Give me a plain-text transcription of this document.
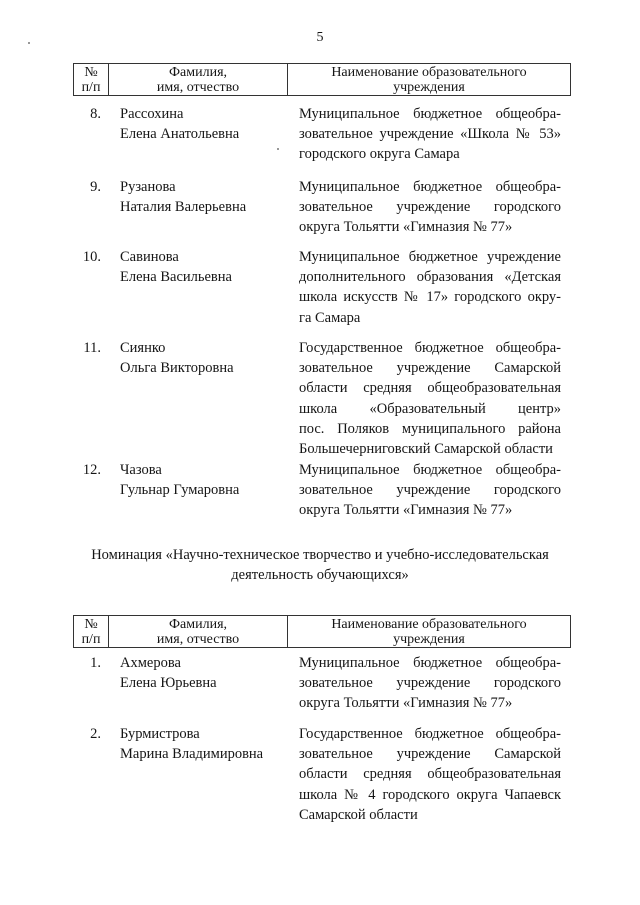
5
№
п/п
Фамилия,
имя, отчество
Наименование образовательного
учреждения
8. Рассохина
Елена Анатольевна
Муниципальное бюджетное общеобра-
зовательное учреждение «Школа № 53»
городского округа Самара
9. Рузанова
Наталия Валерьевна
Муниципальное бюджетное общеобра-
зовательное учреждение городского
округа Тольятти «Гимназия № 77»
10. Савинова
Елена Васильевна
Муниципальное бюджетное учреждение
дополнительного образования «Детская
школа искусств № 17» городского окру-
га Самара
11. Сиянко
Ольга Викторовна
Государственное бюджетное общеобра-
зовательное учреждение Самарской
области средняя общеобразовательная
школа «Образовательный центр»
пос. Поляков муниципального района
Большечерниговский Самарской области
12. Чазова
Гульнар Гумаровна
Муниципальное бюджетное общеобра-
зовательное учреждение городского
округа Тольятти «Гимназия № 77»
Номинация «Научно-техническое творчество и учебно-исследовательская
деятельность обучающихся»
№
п/п
Фамилия,
имя, отчество
Наименование образовательного
учреждения
1. Ахмерова
Елена Юрьевна
Муниципальное бюджетное общеобра-
зовательное учреждение городского
округа Тольятти «Гимназия № 77»
2. Бурмистрова
Марина Владимировна
Государственное бюджетное общеобра-
зовательное учреждение Самарской
области средняя общеобразовательная
школа № 4 городского округа Чапаевск
Самарской области
